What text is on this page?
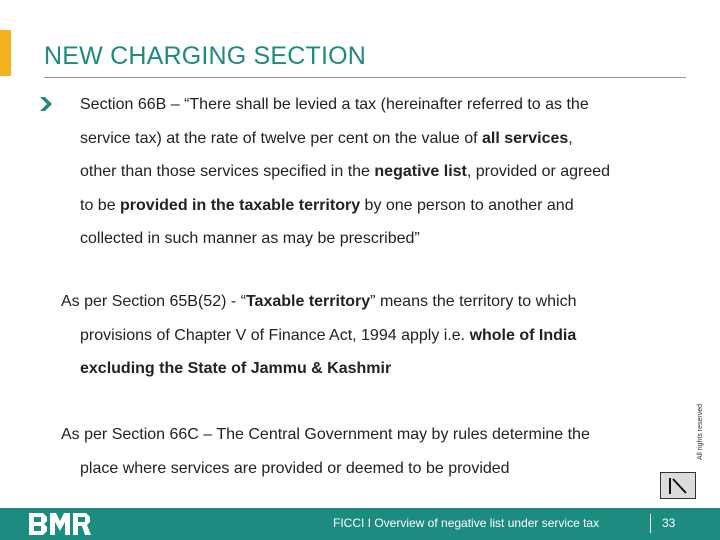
NEW CHARGING SECTION
Section 66B – “There shall be levied a tax (hereinafter referred to as the
service tax) at the rate of twelve per cent on the value of all services,
other than those services specified in the negative list, provided or agreed
to be provided in the taxable territory by one person to another and
collected in such manner as may be prescribed”
As per Section 65B(52) - “Taxable territory” means the territory to which
provisions of Chapter V of Finance Act, 1994 apply i.e. whole of India
excluding the State of Jammu & Kashmir
As per Section 66C – The Central Government may by rules determine the
place where services are provided or deemed to be provided
All rights reserved
FICCI I Overview of negative list under service tax	33
